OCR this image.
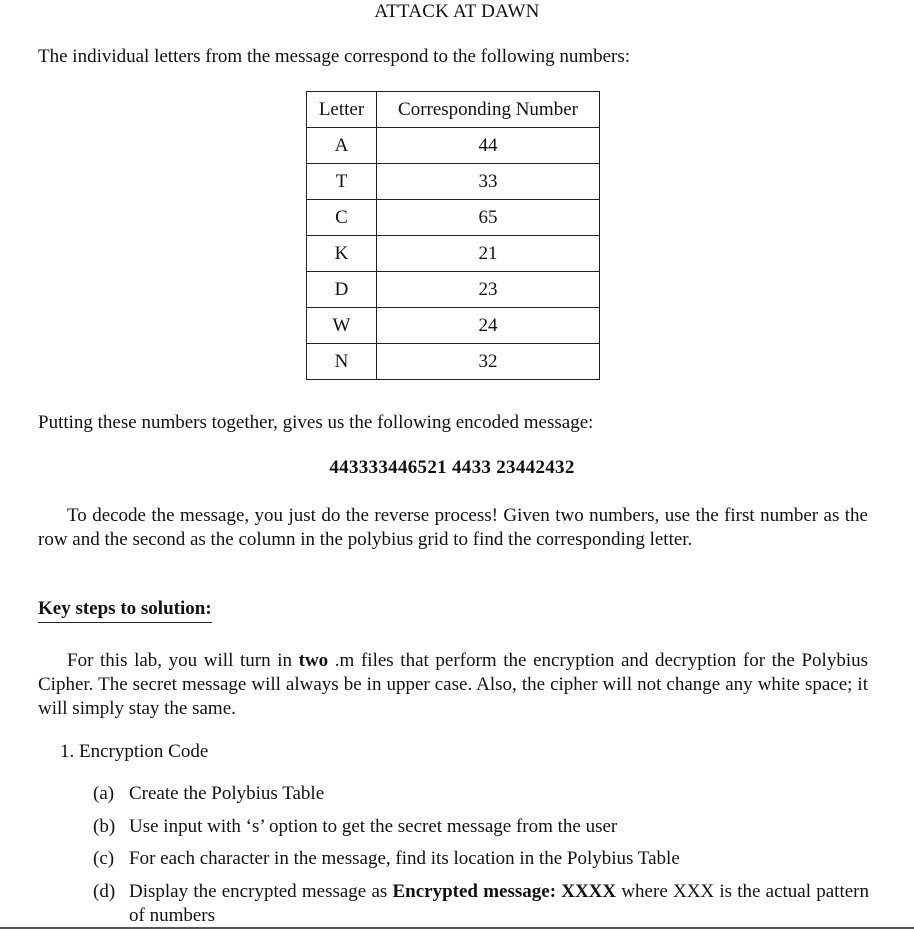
ATTACK AT DAWN
The individual letters from the message correspond to the following numbers:
Letter	Corresponding Number
A	44
T	33
C	65
K	21
D	23
W	24
N	32
Putting these numbers together, gives us the following encoded message:
443333446521 4433 23442432
To decode the message, you just do the reverse process! Given two numbers, use the first number as the row and the second as the column in the polybius grid to find the corresponding letter.
Key steps to solution:
For this lab, you will turn in two .m files that perform the encryption and decryption for the Polybius Cipher. The secret message will always be in upper case. Also, the cipher will not change any white space; it will simply stay the same.
1. Encryption Code
(a) Create the Polybius Table
(b) Use input with ‘s’ option to get the secret message from the user
(c) For each character in the message, find its location in the Polybius Table
(d) Display the encrypted message as Encrypted message: XXXX where XXX is the actual pattern of numbers
